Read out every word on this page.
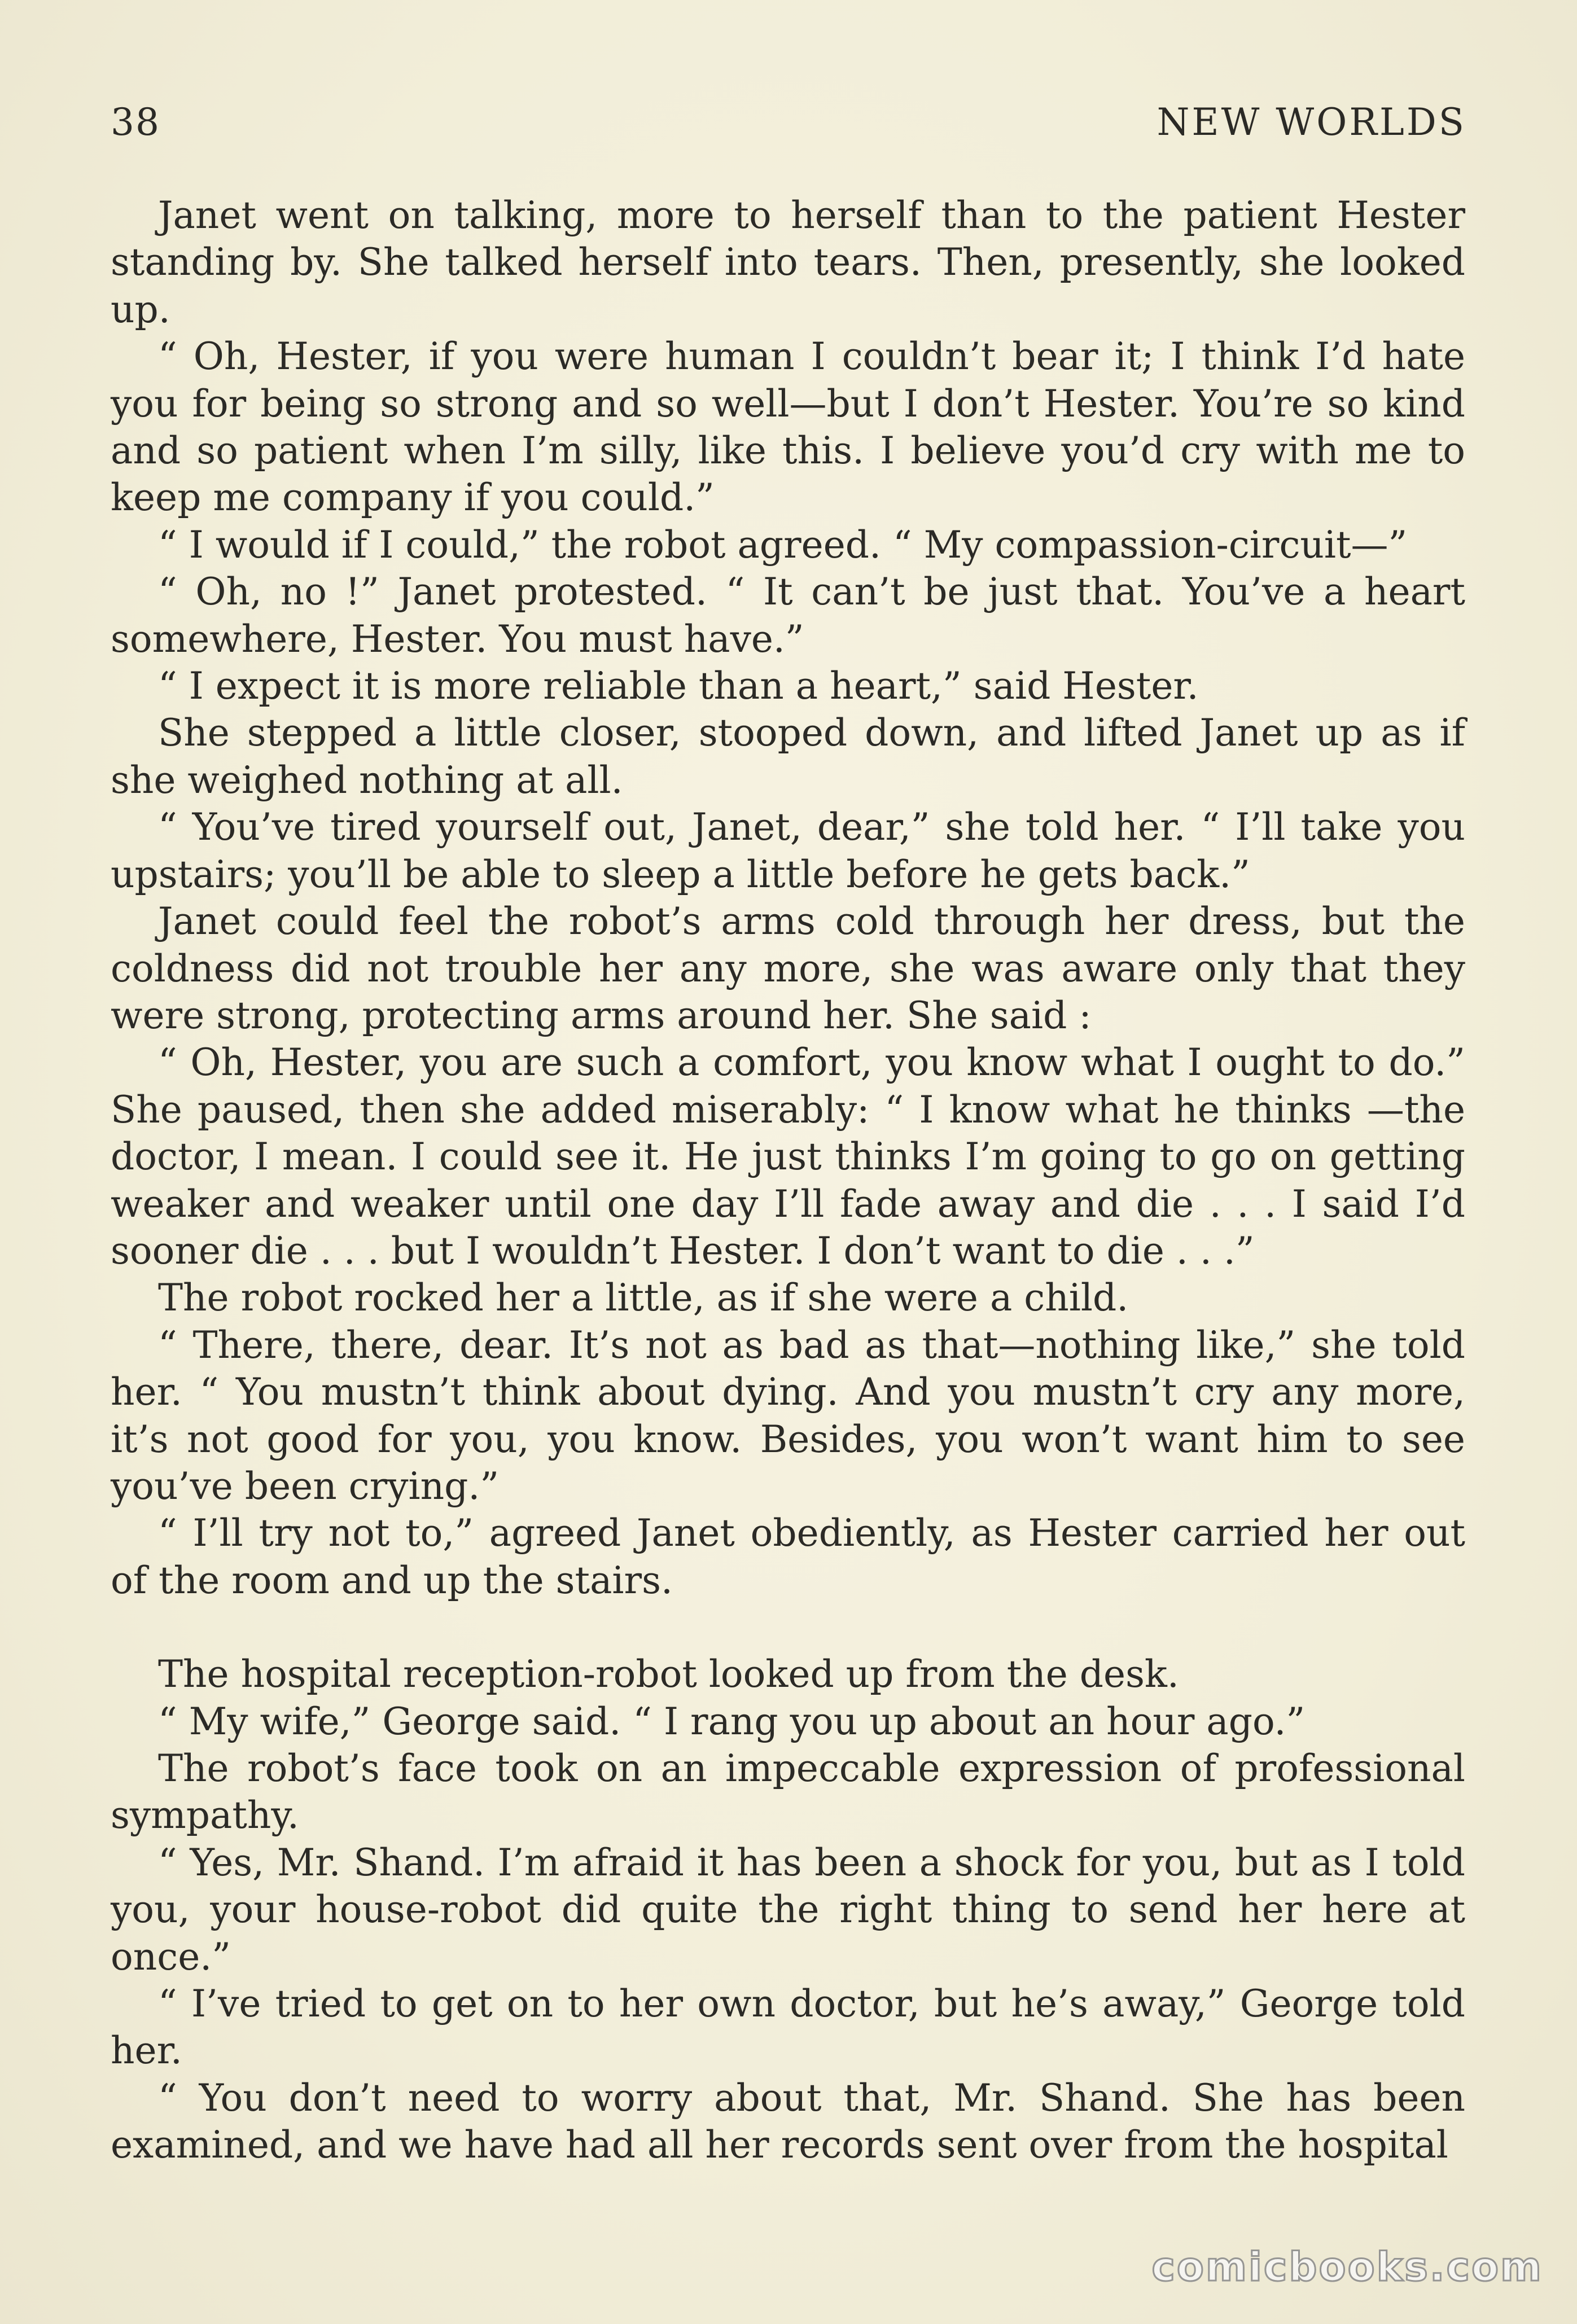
38	NEW WORLDS

Janet went on talking, more to herself than to the patient Hester standing by. She talked herself into tears. Then, presently, she looked up.

“ Oh, Hester, if you were human I couldn’t bear it; I think I’d hate you for being so strong and so well—but I don’t Hester. You’re so kind and so patient when I’m silly, like this. I believe you’d cry with me to keep me company if you could.”

“ I would if I could,” the robot agreed. “ My compassion-circuit—”

“ Oh, no !” Janet protested. “ It can’t be just that. You’ve a heart somewhere, Hester. You must have.”

“ I expect it is more reliable than a heart,” said Hester.

She stepped a little closer, stooped down, and lifted Janet up as if she weighed nothing at all.

“ You’ve tired yourself out, Janet, dear,” she told her. “ I’ll take you upstairs; you’ll be able to sleep a little before he gets back.”

Janet could feel the robot’s arms cold through her dress, but the coldness did not trouble her any more, she was aware only that they were strong, protecting arms around her. She said :

“ Oh, Hester, you are such a comfort, you know what I ought to do.” She paused, then she added miserably: “ I know what he thinks —the doctor, I mean. I could see it. He just thinks I’m going to go on getting weaker and weaker until one day I’ll fade away and die . . . I said I’d sooner die . . . but I wouldn’t Hester. I don’t want to die . . .”

The robot rocked her a little, as if she were a child.

“ There, there, dear. It’s not as bad as that—nothing like,” she told her. “ You mustn’t think about dying. And you mustn’t cry any more, it’s not good for you, you know. Besides, you won’t want him to see you’ve been crying.”

“ I’ll try not to,” agreed Janet obediently, as Hester carried her out of the room and up the stairs.

The hospital reception-robot looked up from the desk.

“ My wife,” George said. “ I rang you up about an hour ago.”

The robot’s face took on an impeccable expression of professional sympathy.

“ Yes, Mr. Shand. I’m afraid it has been a shock for you, but as I told you, your house-robot did quite the right thing to send her here at once.”

“ I’ve tried to get on to her own doctor, but he’s away,” George told her.

“ You don’t need to worry about that, Mr. Shand. She has been examined, and we have had all her records sent over from the hospital

comicbooks.com
